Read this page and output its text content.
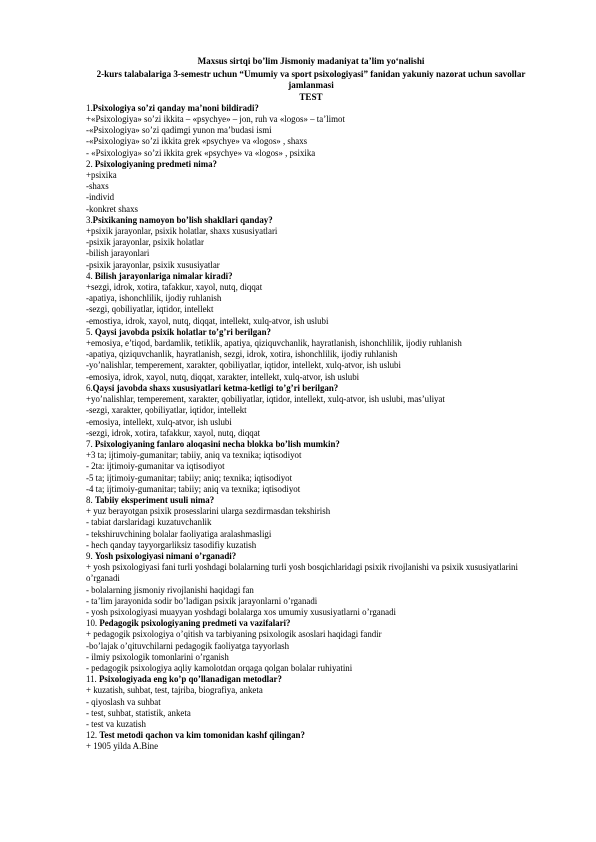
Maxsus sirtqi bo’lim Jismoniy madaniyat ta’lim yo‘nalishi
2-kurs talabalariga 3-semestr uchun “Umumiy va sport psixologiyasi” fanidan yakuniy nazorat uchun savollar jamlanmasi
TEST
1.Psixologiya so’zi qanday ma’noni bildiradi?
+«Psixologiya» so’zi ikkita – «psychye» – jon, ruh va «logos» – ta’limot
-«Psixologiya» so’zi qadimgi yunon ma’budasi ismi
-«Psixologiya» so’zi ikkita grek «psychye» va «logos» , shaxs
- «Psixologiya» so’zi ikkita grek «psychye» va «logos» , psixika
2. Psixologiyaning predmeti nima?
+psixika
-shaxs
-individ
-konkret shaxs
3.Psixikaning namoyon bo’lish shakllari qanday?
+psixik jarayonlar, psixik holatlar, shaxs xususiyatlari
-psixik jarayonlar, psixik holatlar
-bilish jarayonlari
-psixik jarayonlar, psixik xususiyatlar
4. Bilish jarayonlariga nimalar kiradi?
+sezgi, idrok, xotira, tafakkur, xayol, nutq, diqqat
-apatiya, ishonchlilik, ijodiy ruhlanish
-sezgi, qobiliyatlar, iqtidor, intellekt
-emostiya, idrok, xayol, nutq, diqqat, intellekt, xulq-atvor, ish uslubi
5. Qaysi javobda psixik holatlar to’g’ri berilgan?
+emosiya, e’tiqod, bardamlik, tetiklik, apatiya, qiziquvchanlik, hayratlanish, ishonchlilik, ijodiy ruhlanish
-apatiya, qiziquvchanlik, hayratlanish, sezgi, idrok, xotira, ishonchlilik, ijodiy ruhlanish
-yo’nalishlar, temperement, xarakter, qobiliyatlar, iqtidor, intellekt, xulq-atvor, ish uslubi
-emosiya, idrok, xayol, nutq, diqqat, xarakter, intellekt, xulq-atvor, ish uslubi
6.Qaysi javobda shaxs xususiyatlari ketma-ketligi to’g’ri berilgan?
+yo’nalishlar, temperement, xarakter, qobiliyatlar, iqtidor, intellekt, xulq-atvor, ish uslubi, mas’uliyat
-sezgi, xarakter, qobiliyatlar, iqtidor, intellekt
-emosiya, intellekt, xulq-atvor, ish uslubi
-sezgi, idrok, xotira, tafakkur, xayol, nutq, diqqat
7. Psixologiyaning fanlaro aloqasini necha blokka bo’lish mumkin?
+3 ta; ijtimoiy-gumanitar; tabiiy, aniq va texnika; iqtisodiyot
- 2ta: ijtimoiy-gumanitar va iqtisodiyot
-5 ta; ijtimoiy-gumanitar; tabiiy; aniq; texnika; iqtisodiyot
-4 ta; ijtimoiy-gumanitar; tabiiy; aniq va texnika; iqtisodiyot
8. Tabiiy eksperiment usuli nima?
+ yuz berayotgan psixik prosesslarini ularga sezdirmasdan tekshirish
- tabiat darslaridagi kuzatuvchanlik
- tekshiruvchining bolalar faoliyatiga aralashmasligi
- hech qanday tayyorgarliksiz tasodifiy kuzatish
9. Yosh psixologiyasi nimani o’rganadi?
+ yosh psixologiyasi fani turli yoshdagi bolalarning turli yosh bosqichlaridagi psixik rivojlanishi va psixik xususiyatlarini o’rganadi
- bolalarning jismoniy rivojlanishi haqidagi fan
- ta’lim jarayonida sodir bo’ladigan psixik jarayonlarni o’rganadi
- yosh psixologiyasi muayyan yoshdagi bolalarga xos umumiy xususiyatlarni o’rganadi
10. Pedagogik psixologiyaning predmeti va vazifalari?
+ pedagogik psixologiya o’qitish va tarbiyaning psixologik asoslari haqidagi fandir
-bo’lajak o’qituvchilarni pedagogik faoliyatga tayyorlash
- ilmiy psixologik tomonlarini o’rganish
- pedagogik psixologiya aqliy kamolotdan orqaga qolgan bolalar ruhiyatini
11. Psixologiyada eng ko’p qo’llanadigan metodlar?
+ kuzatish, suhbat, test, tajriba, biografiya, anketa
- qiyoslash va suhbat
- test, suhbat, statistik, anketa
- test va kuzatish
12. Test metodi qachon va kim tomonidan kashf qilingan?
+ 1905 yilda A.Bine
